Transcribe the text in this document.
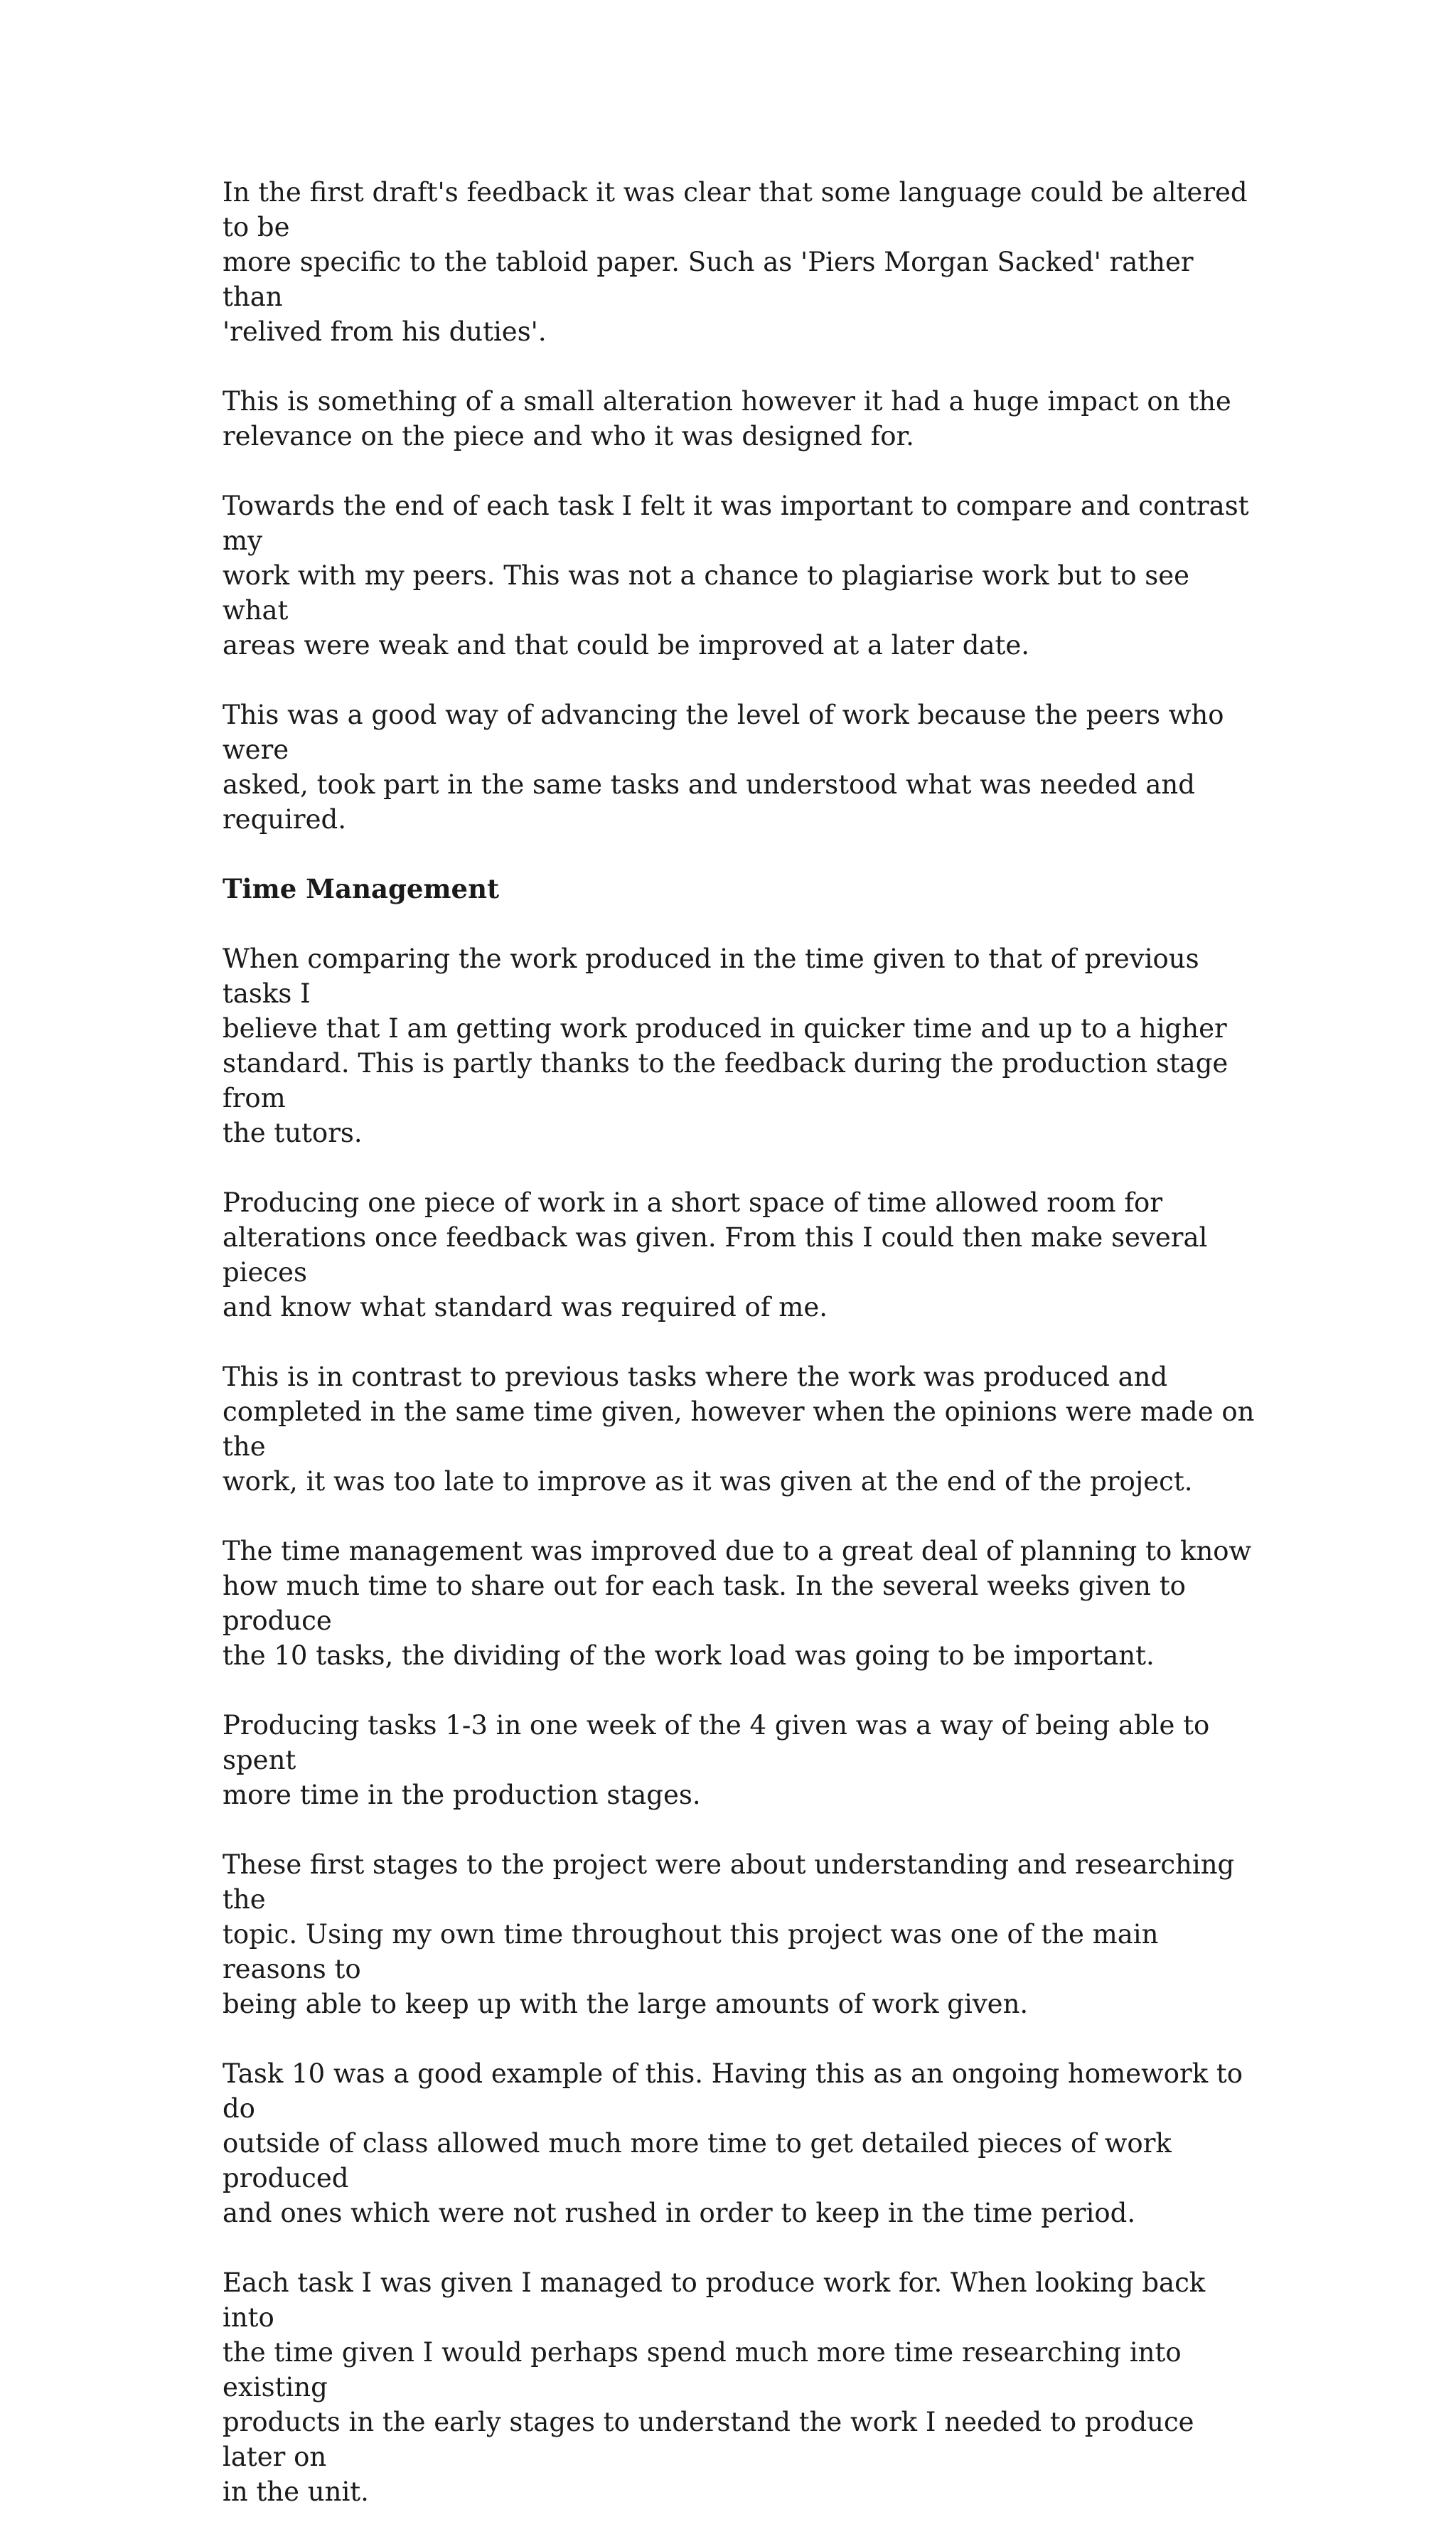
In the first draft's feedback it was clear that some language could be altered to be
more specific to the tabloid paper. Such as 'Piers Morgan Sacked' rather than
'relived from his duties'.

This is something of a small alteration however it had a huge impact on the
relevance on the piece and who it was designed for.

Towards the end of each task I felt it was important to compare and contrast my
work with my peers. This was not a chance to plagiarise work but to see what
areas were weak and that could be improved at a later date.

This was a good way of advancing the level of work because the peers who were
asked, took part in the same tasks and understood what was needed and
required.

Time Management

When comparing the work produced in the time given to that of previous tasks I
believe that I am getting work produced in quicker time and up to a higher
standard. This is partly thanks to the feedback during the production stage from
the tutors.

Producing one piece of work in a short space of time allowed room for
alterations once feedback was given. From this I could then make several pieces
and know what standard was required of me.

This is in contrast to previous tasks where the work was produced and
completed in the same time given, however when the opinions were made on the
work, it was too late to improve as it was given at the end of the project.

The time management was improved due to a great deal of planning to know
how much time to share out for each task. In the several weeks given to produce
the 10 tasks, the dividing of the work load was going to be important.

Producing tasks 1-3 in one week of the 4 given was a way of being able to spent
more time in the production stages.

These first stages to the project were about understanding and researching the
topic. Using my own time throughout this project was one of the main reasons to
being able to keep up with the large amounts of work given.

Task 10 was a good example of this. Having this as an ongoing homework to do
outside of class allowed much more time to get detailed pieces of work produced
and ones which were not rushed in order to keep in the time period.

Each task I was given I managed to produce work for. When looking back into
the time given I would perhaps spend much more time researching into existing
products in the early stages to understand the work I needed to produce later on
in the unit.
